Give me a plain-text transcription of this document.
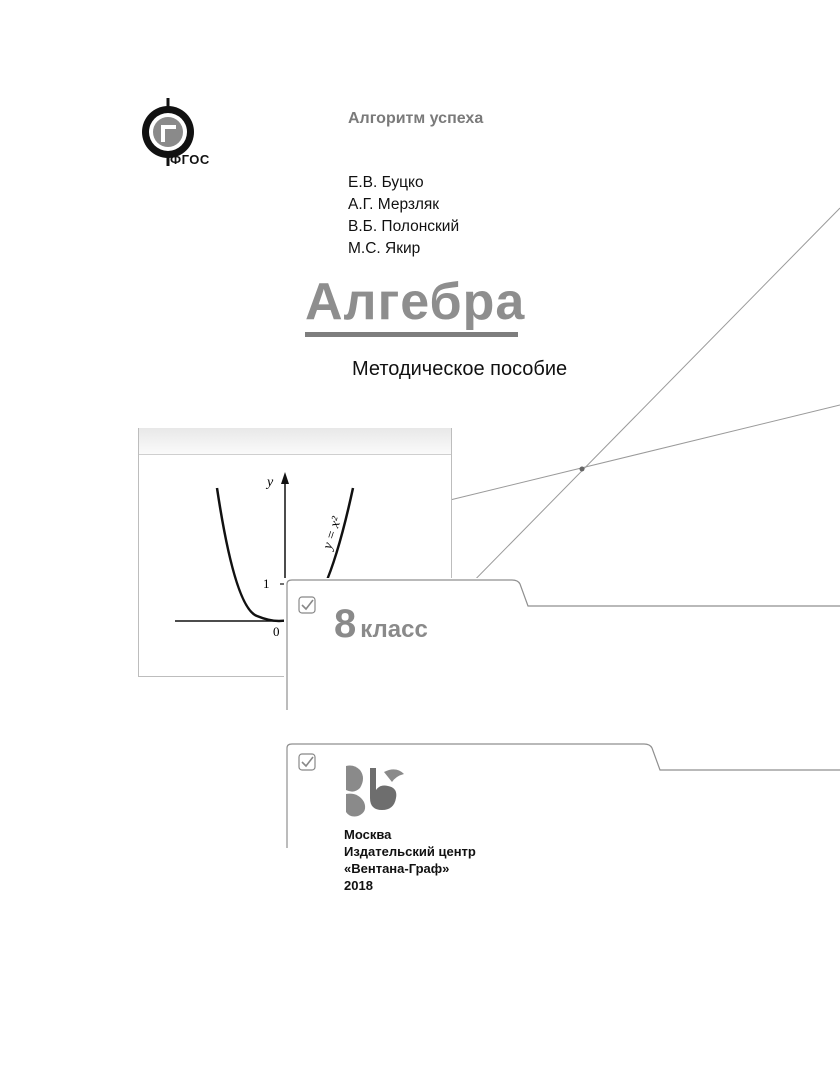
ФГОС
Алгоритм успеха
Е.В. Буцко
А.Г. Мерзляк
В.Б. Полонский
М.С. Якир
Алгебра
Методическое пособие
y
1
0
y = x²
8 класс
Москва
Издательский центр
«Вентана-Граф»
2018
